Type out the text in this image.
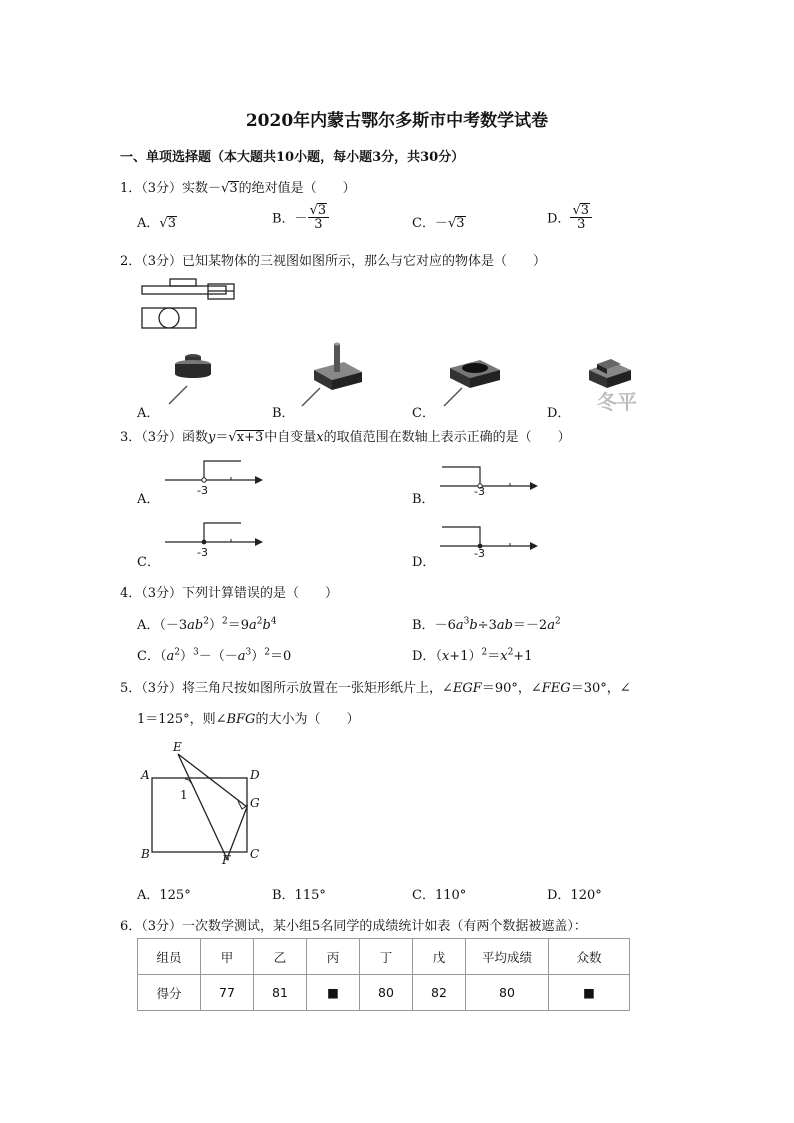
2020年内蒙古鄂尔多斯市中考数学试卷
一、单项选择题（本大题共10小题，每小题3分，共30分）
1．（3分）实数－√3的绝对值是（　　）
A．√3	B．－ $\frac{√3}{3}$	C．－√3	D． $\frac{√3}{3}$
2．（3分）已知某物体的三视图如图所示，那么与它对应的物体是（　　）
冬平
A．	B．	C．	D．
3．（3分）函数y＝√x+3中自变量x的取值范围在数轴上表示正确的是（　　）
A．
-3
B．
-3
C．
-3
D．
-3
4．（3分）下列计算错误的是（　　）
A．$(-3ab^2)^2=9a^2b^4$	B．$-6a^3b\div 3ab=-2a^2$
C．$(a^2)^3-(-a^3)^2=0$	D．$(x+1)^2=x^2+1$
5．（3分）将三角尺按如图所示放置在一张矩形纸片上，∠EGF＝90°，∠FEG＝30°，∠
1＝125°，则∠BFG的大小为（　　）
E
A	D
G
B	F C
1
A．125°	B．115°	C．110°	D．120°
6．（3分）一次数学测试，某小组5名同学的成绩统计如表（有两个数据被遮盖）：
组员	甲	乙	丙	丁	戊	平均成绩	众数
得分	77	81	■	80	82	80	■
